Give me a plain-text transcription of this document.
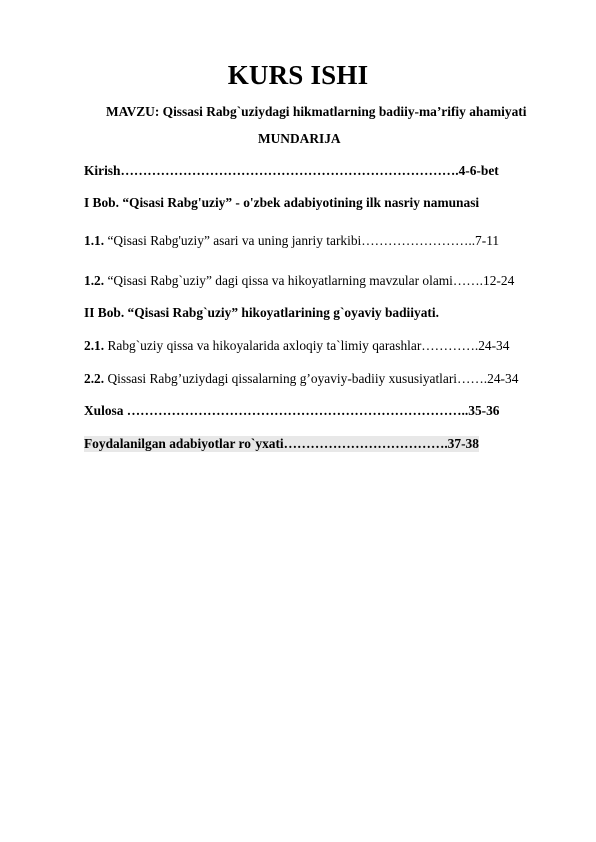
KURS ISHI
MAVZU: Qissasi Rabg`uziydagi hikmatlarning badiiy-ma’rifiy ahamiyati
MUNDARIJA
Kirish………………………………………………………………….4-6-bet
I Bob. “Qisasi Rabg'uziy” - o'zbek adabiyotining ilk nasriy namunasi
1.1. “Qisasi Rabg'uziy” asari va uning janriy tarkibi……………………..7-11
1.2. “Qisasi Rabg`uziy” dagi qissa va hikoyatlarning mavzular olami…….12-24
II Bob. “Qisasi Rabg`uziy” hikoyatlarining g`oyaviy badiiyati.
2.1. Rabg`uziy qissa va hikoyalarida axloqiy ta`limiy qarashlar………….24-34
2.2. Qissasi Rabg’uziydagi qissalarning g’oyaviy-badiiy xususiyatlari…….24-34
Xulosa …………………………………………………………………..35-36
Foydalanilgan adabiyotlar ro`yxati……………………………….37-38
